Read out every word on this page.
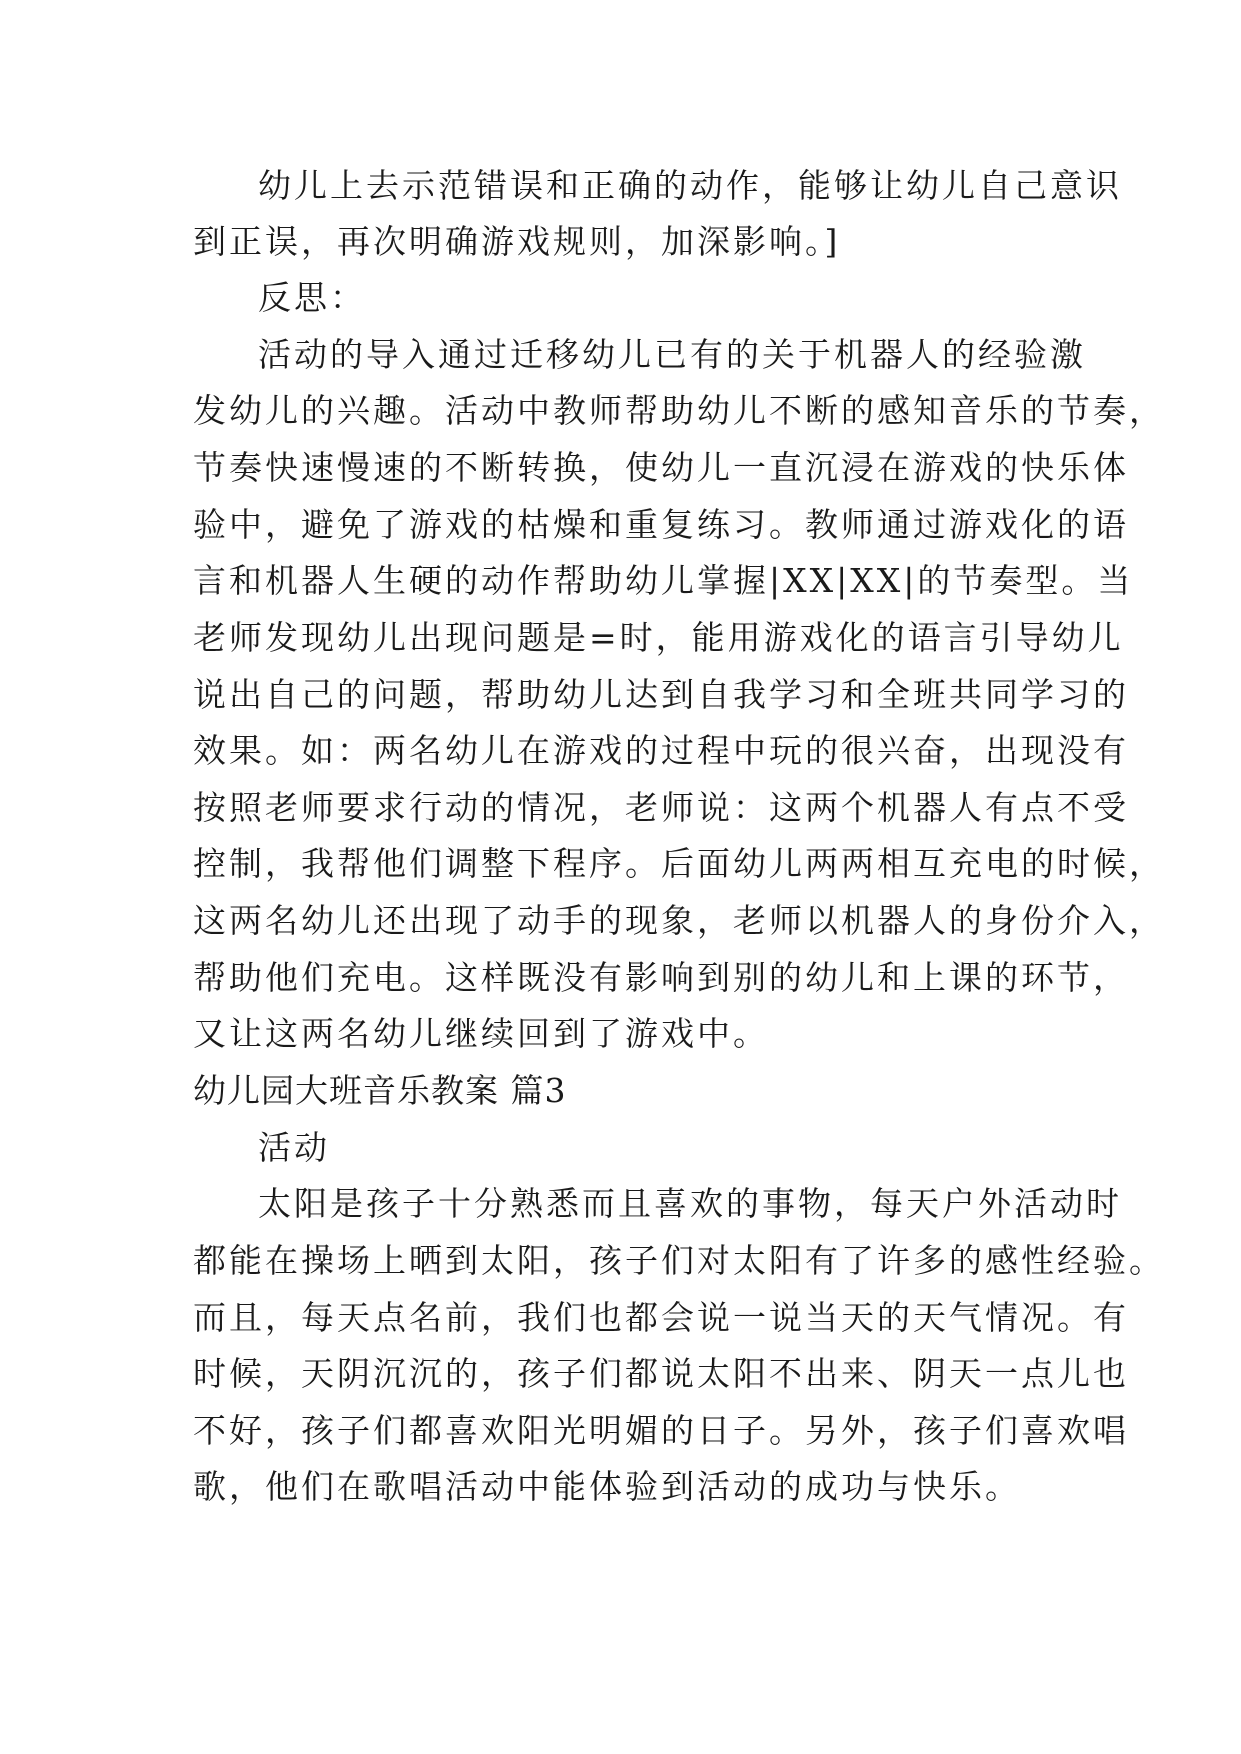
幼儿上去示范错误和正确的动作，能够让幼儿自己意识
到正误，再次明确游戏规则，加深影响。]
反思：
活动的导入通过迁移幼儿已有的关于机器人的经验激
发幼儿的兴趣。活动中教师帮助幼儿不断的感知音乐的节奏，
节奏快速慢速的不断转换，使幼儿一直沉浸在游戏的快乐体
验中，避免了游戏的枯燥和重复练习。教师通过游戏化的语
言和机器人生硬的动作帮助幼儿掌握|XX|XX|的节奏型。当
老师发现幼儿出现问题是=时，能用游戏化的语言引导幼儿
说出自己的问题，帮助幼儿达到自我学习和全班共同学习的
效果。如：两名幼儿在游戏的过程中玩的很兴奋，出现没有
按照老师要求行动的情况，老师说：这两个机器人有点不受
控制，我帮他们调整下程序。后面幼儿两两相互充电的时候，
这两名幼儿还出现了动手的现象，老师以机器人的身份介入，
帮助他们充电。这样既没有影响到别的幼儿和上课的环节，
又让这两名幼儿继续回到了游戏中。
幼儿园大班音乐教案 篇3
活动
太阳是孩子十分熟悉而且喜欢的事物，每天户外活动时
都能在操场上晒到太阳，孩子们对太阳有了许多的感性经验。
而且，每天点名前，我们也都会说一说当天的天气情况。有
时候，天阴沉沉的，孩子们都说太阳不出来、阴天一点儿也
不好，孩子们都喜欢阳光明媚的日子。另外，孩子们喜欢唱
歌，他们在歌唱活动中能体验到活动的成功与快乐。
